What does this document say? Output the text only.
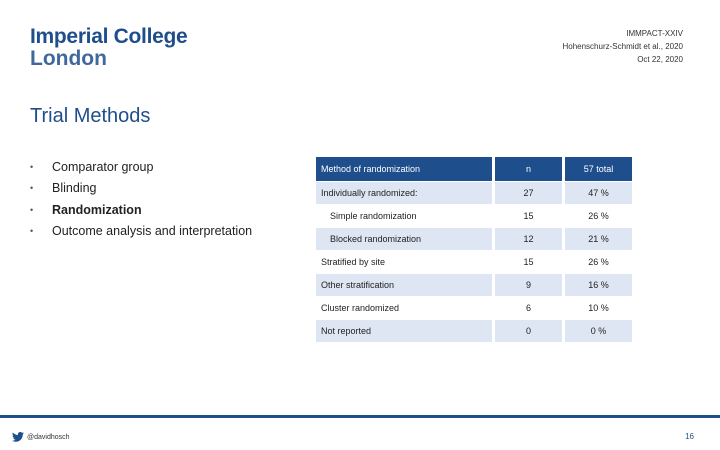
Imperial College
London
IMMPACT-XXIV
Hohenschurz-Schmidt et al., 2020
Oct 22, 2020
Trial Methods
•	Comparator group
•	Blinding
•	Randomization
•	Outcome analysis and interpretation
Method of randomization		n		57 total
Individually randomized:		27		47 %
Simple randomization		15		26 %
Blocked randomization		12		21 %
Stratified by site		15		26 %
Other stratification		9		16 %
Cluster randomized		6		10 %
Not reported		0		0 %
@davidhosch	16
